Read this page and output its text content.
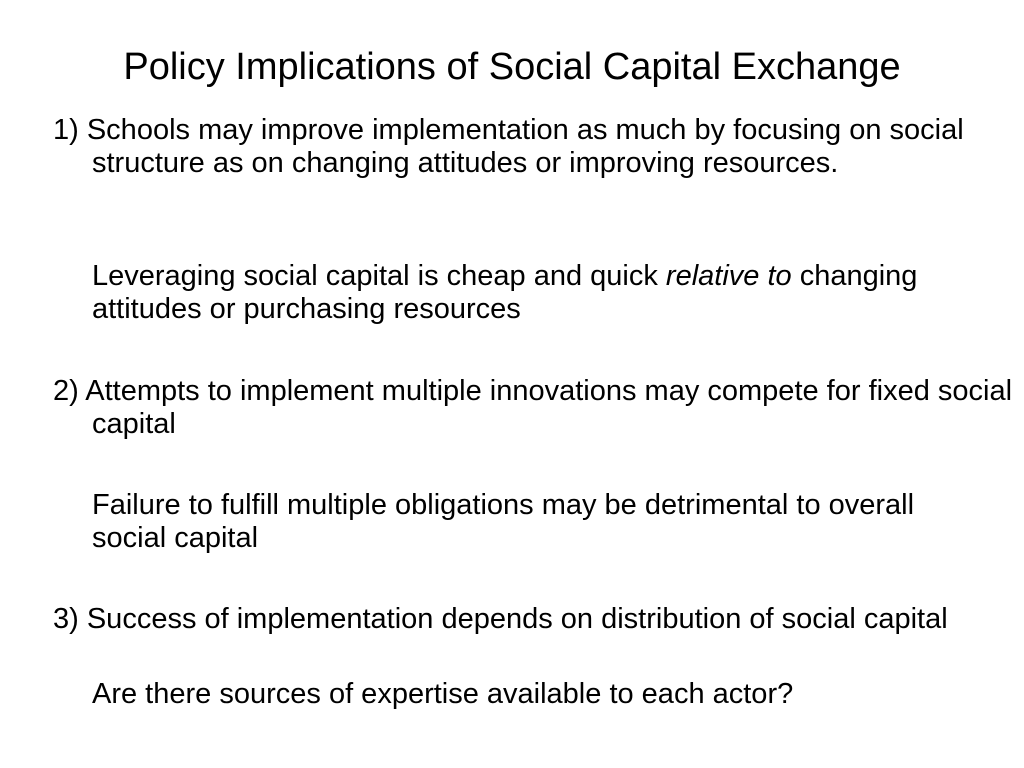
Policy Implications of Social Capital Exchange

1) Schools may improve implementation as much by focusing on social structure as on changing attitudes or improving resources.

Leveraging social capital is cheap and quick relative to changing attitudes or purchasing resources

2) Attempts to implement multiple innovations may compete for fixed social capital

Failure to fulfill multiple obligations may be detrimental to overall social capital

3) Success of implementation depends on distribution of social capital

Are there sources of expertise available to each actor?
